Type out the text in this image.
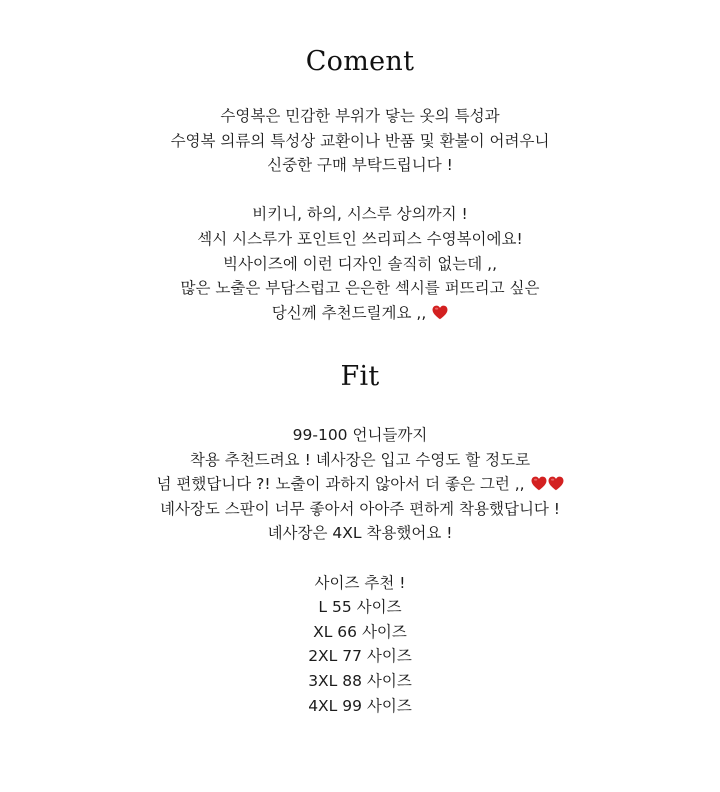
Coment
수영복은 민감한 부위가 닿는 옷의 특성과
수영복 의류의 특성상 교환이나 반품 및 환불이 어려우니
신중한 구매 부탁드립니다 !
비키니, 하의, 시스루 상의까지 !
섹시 시스루가 포인트인 쓰리피스 수영복이에요!
빅사이즈에 이런 디자인 솔직히 없는데 ,,
많은 노출은 부담스럽고 은은한 섹시를 퍼뜨리고 싶은
당신께 추천드릴게요 ,,
Fit
99-100 언니들까지
착용 추천드려요 ! 녜사장은 입고 수영도 할 정도로
넘 편했답니다 ?! 노출이 과하지 않아서 더 좋은 그런 ,,
녜사장도 스판이 너무 좋아서 아아주 편하게 착용했답니다 !
녜사장은 4XL 착용했어요 !
사이즈 추천 !
L 55 사이즈
XL 66 사이즈
2XL 77 사이즈
3XL 88 사이즈
4XL 99 사이즈
